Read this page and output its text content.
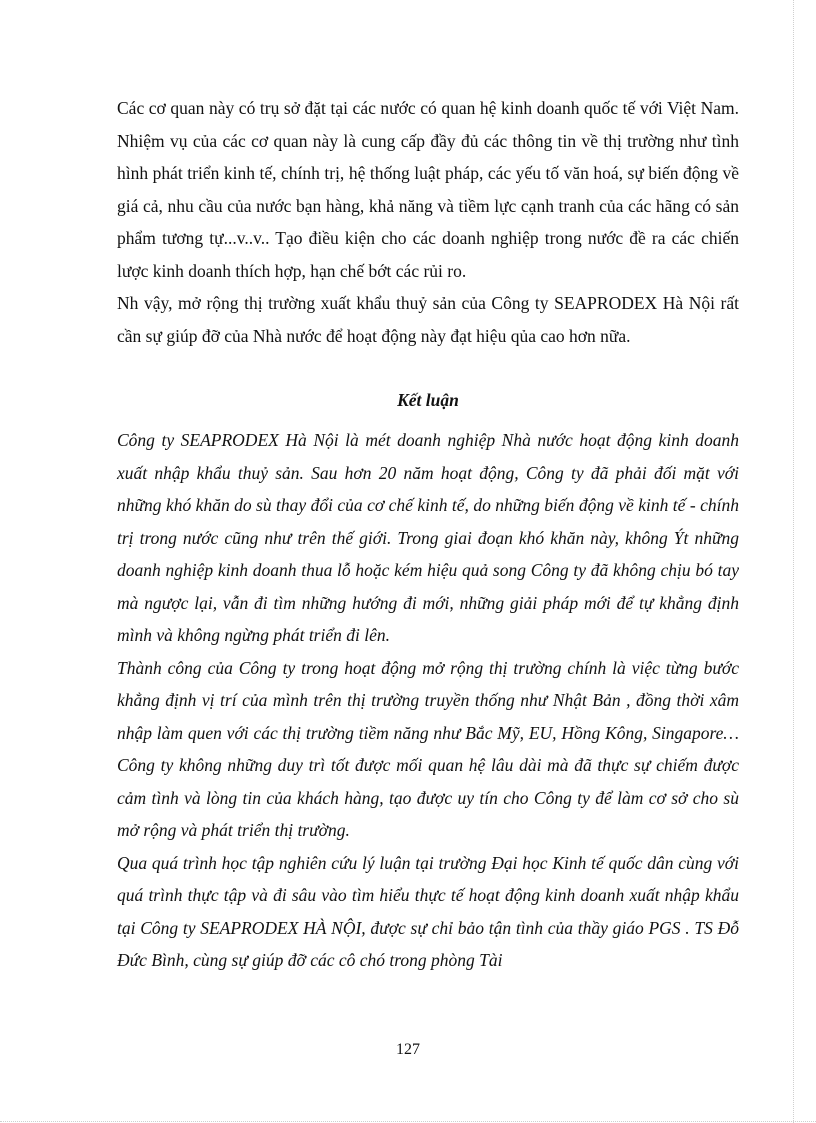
Các cơ quan này có trụ sở đặt tại các nước có quan hệ kinh doanh quốc tế với Việt Nam. Nhiệm vụ của các cơ quan này là cung cấp đầy đủ các thông tin về thị trường như tình hình phát triển kinh tế, chính trị, hệ thống luật pháp, các yếu tố văn hoá, sự biến động về giá cả, nhu cầu của nước bạn hàng, khả năng và tiềm lực cạnh tranh của các hãng có sản phẩm tương tự...v..v.. Tạo điều kiện cho các doanh nghiệp trong nước đề ra các chiến lược kinh doanh thích hợp, hạn chế bớt các rủi ro.

Nh vậy, mở rộng thị trường xuất khẩu thuỷ sản của Công ty SEAPRODEX Hà Nội rất cần sự giúp đỡ của Nhà nước để hoạt động này đạt hiệu qủa cao hơn nữa.

Kết luận

Công ty SEAPRODEX Hà Nội là mét doanh nghiệp Nhà nước hoạt động kinh doanh xuất nhập khẩu thuỷ sản. Sau hơn 20 năm hoạt động, Công ty đã phải đối mặt với những khó khăn do sù thay đổi của cơ chế kinh tế, do những biến động về kinh tế - chính trị trong nước cũng như trên thế giới. Trong giai đoạn khó khăn này, không Ýt những doanh nghiệp kinh doanh thua lỗ hoặc kém hiệu quả song Công ty đã không chịu bó tay mà ngược lại, vẫn đi tìm những hướng đi mới, những giải pháp mới để tự khẳng định mình và không ngừng phát triển đi lên.

Thành công của Công ty trong hoạt động mở rộng thị trường chính là việc từng bước khẳng định vị trí của mình trên thị trường truyền thống như Nhật Bản , đồng thời xâm nhập làm quen với các thị trường tiềm năng như Bắc Mỹ, EU, Hồng Kông, Singapore… Công ty không những duy trì tốt được mối quan hệ lâu dài mà đã thực sự chiếm được cảm tình và lòng tin của khách hàng, tạo được uy tín cho Công ty để làm cơ sở cho sù mở rộng và phát triển thị trường.

Qua quá trình học tập nghiên cứu lý luận tại trường Đại học Kinh tế quốc dân cùng với quá trình thực tập và đi sâu vào tìm hiểu thực tế hoạt động kinh doanh xuất nhập khẩu tại Công ty SEAPRODEX HÀ NỘI, được sự chỉ bảo tận tình của thầy giáo PGS . TS Đỗ Đức Bình, cùng sự giúp đỡ các cô chó trong phòng Tài

127
